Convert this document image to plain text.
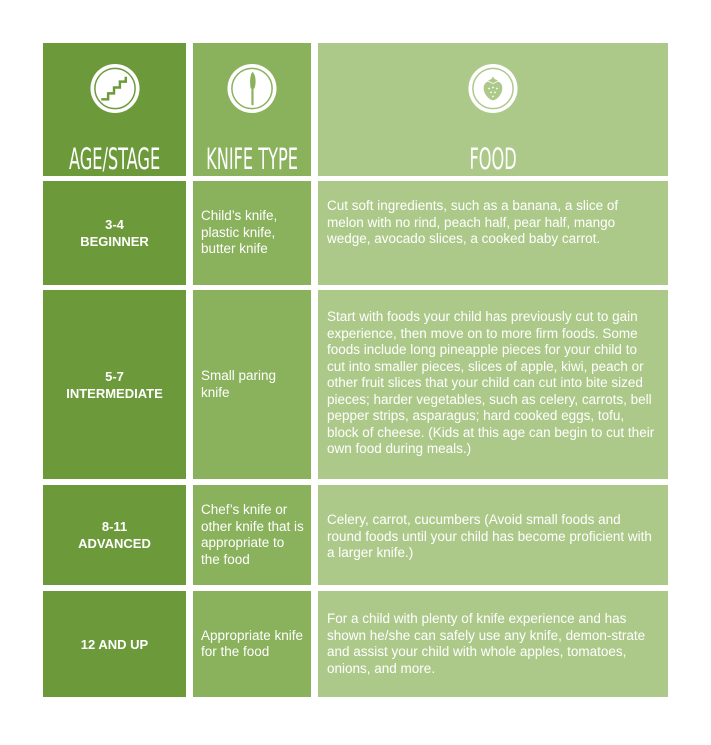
AGE/STAGE KNIFE TYPE	FOOD
3-4
BEGINNER
Child’s knife, plastic knife, butter knife
Cut soft ingredients, such as a banana, a slice of melon with no rind, peach half, pear half, mango wedge, avocado slices, a cooked baby carrot.
5-7
INTERMEDIATE
Small paring knife
Start with foods your child has previously cut to gain experience, then move on to more firm foods. Some foods include long pineapple pieces for your child to cut into smaller pieces, slices of apple, kiwi, peach or other fruit slices that your child can cut into bite sized pieces; harder vegetables, such as celery, carrots, bell pepper strips, asparagus; hard cooked eggs, tofu, block of cheese. (Kids at this age can begin to cut their own food during meals.)
8-11
ADVANCED
Chef’s knife or other knife that is appropriate to the food
Celery, carrot, cucumbers (Avoid small foods and round foods until your child has become proficient with a larger knife.)
12 AND UP
Appropriate knife for the food
For a child with plenty of knife experience and has shown he/she can safely use any knife, demon-strate and assist your child with whole apples, tomatoes, onions, and more.
